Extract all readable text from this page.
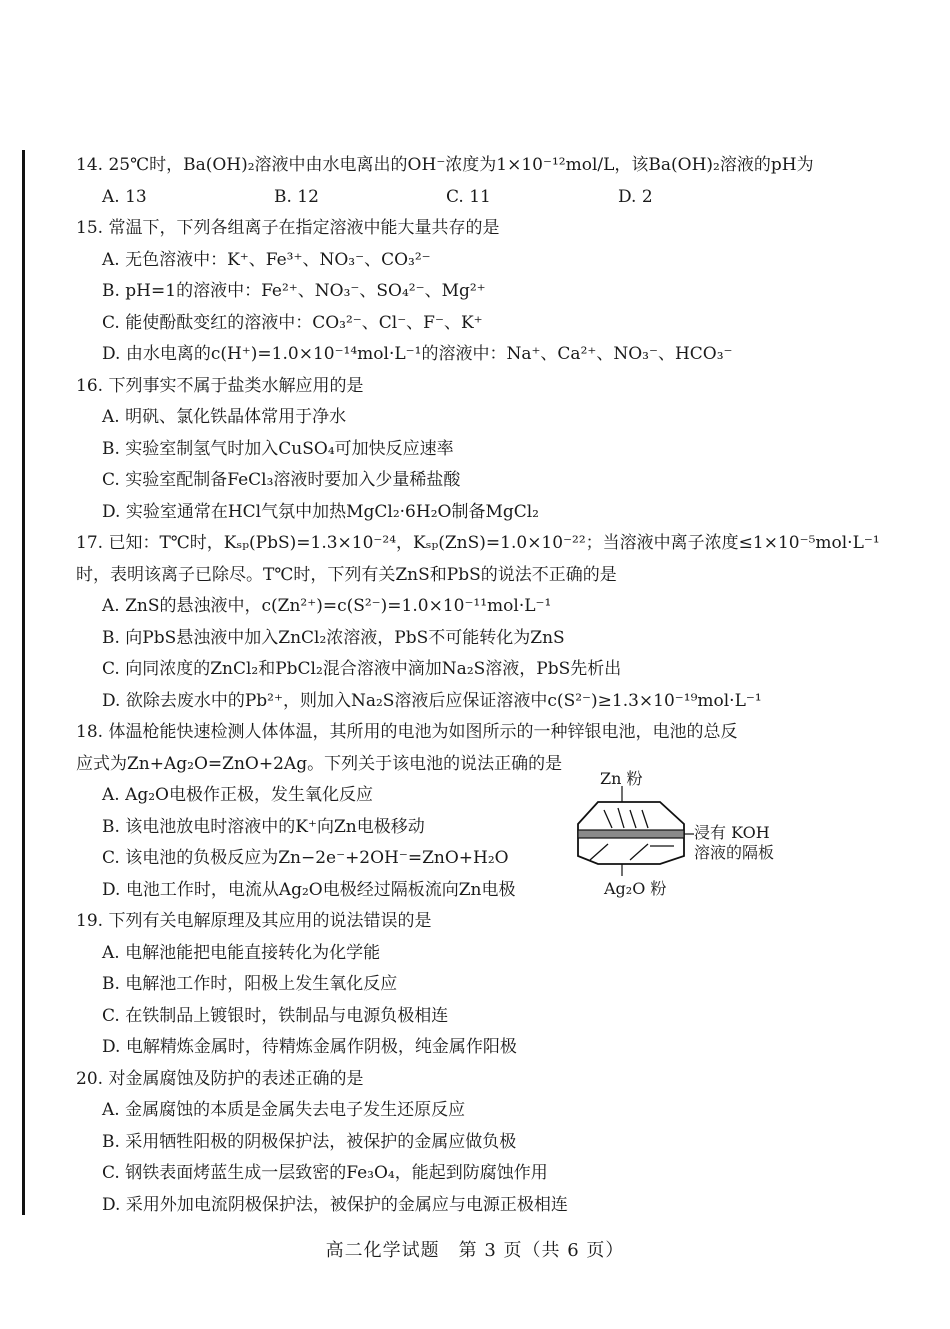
14. 25℃时，Ba(OH)₂溶液中由水电离出的OH⁻浓度为1×10⁻¹²mol/L，该Ba(OH)₂溶液的pH为
A. 13	B. 12	C. 11	D. 2
15. 常温下，下列各组离子在指定溶液中能大量共存的是
A. 无色溶液中：K⁺、Fe³⁺、NO₃⁻、CO₃²⁻
B. pH=1的溶液中：Fe²⁺、NO₃⁻、SO₄²⁻、Mg²⁺
C. 能使酚酞变红的溶液中：CO₃²⁻、Cl⁻、F⁻、K⁺
D. 由水电离的c(H⁺)=1.0×10⁻¹⁴mol·L⁻¹的溶液中：Na⁺、Ca²⁺、NO₃⁻、HCO₃⁻
16. 下列事实不属于盐类水解应用的是
A. 明矾、氯化铁晶体常用于净水
B. 实验室制氢气时加入CuSO₄可加快反应速率
C. 实验室配制备FeCl₃溶液时要加入少量稀盐酸
D. 实验室通常在HCl气氛中加热MgCl₂·6H₂O制备MgCl₂
17. 已知：T℃时，Kₛₚ(PbS)=1.3×10⁻²⁴，Kₛₚ(ZnS)=1.0×10⁻²²；当溶液中离子浓度≤1×10⁻⁵mol·L⁻¹
时，表明该离子已除尽。T℃时，下列有关ZnS和PbS的说法不正确的是
A. ZnS的悬浊液中，c(Zn²⁺)=c(S²⁻)=1.0×10⁻¹¹mol·L⁻¹
B. 向PbS悬浊液中加入ZnCl₂浓溶液，PbS不可能转化为ZnS
C. 向同浓度的ZnCl₂和PbCl₂混合溶液中滴加Na₂S溶液，PbS先析出
D. 欲除去废水中的Pb²⁺，则加入Na₂S溶液后应保证溶液中c(S²⁻)≥1.3×10⁻¹⁹mol·L⁻¹
18. 体温枪能快速检测人体体温，其所用的电池为如图所示的一种锌银电池，电池的总反
应式为Zn+Ag₂O=ZnO+2Ag。下列关于该电池的说法正确的是
A. Ag₂O电极作正极，发生氧化反应
B. 该电池放电时溶液中的K⁺向Zn电极移动
C. 该电池的负极反应为Zn−2e⁻+2OH⁻=ZnO+H₂O
D. 电池工作时，电流从Ag₂O电极经过隔板流向Zn电极
19. 下列有关电解原理及其应用的说法错误的是
A. 电解池能把电能直接转化为化学能
B. 电解池工作时，阳极上发生氧化反应
C. 在铁制品上镀银时，铁制品与电源负极相连
D. 电解精炼金属时，待精炼金属作阴极，纯金属作阳极
20. 对金属腐蚀及防护的表述正确的是
A. 金属腐蚀的本质是金属失去电子发生还原反应
B. 采用牺牲阳极的阴极保护法，被保护的金属应做负极
C. 钢铁表面烤蓝生成一层致密的Fe₃O₄，能起到防腐蚀作用
D. 采用外加电流阴极保护法，被保护的金属应与电源正极相连
Zn 粉
浸有 KOH
溶液的隔板
Ag₂O 粉
高二化学试题　第 3 页（共 6 页）
